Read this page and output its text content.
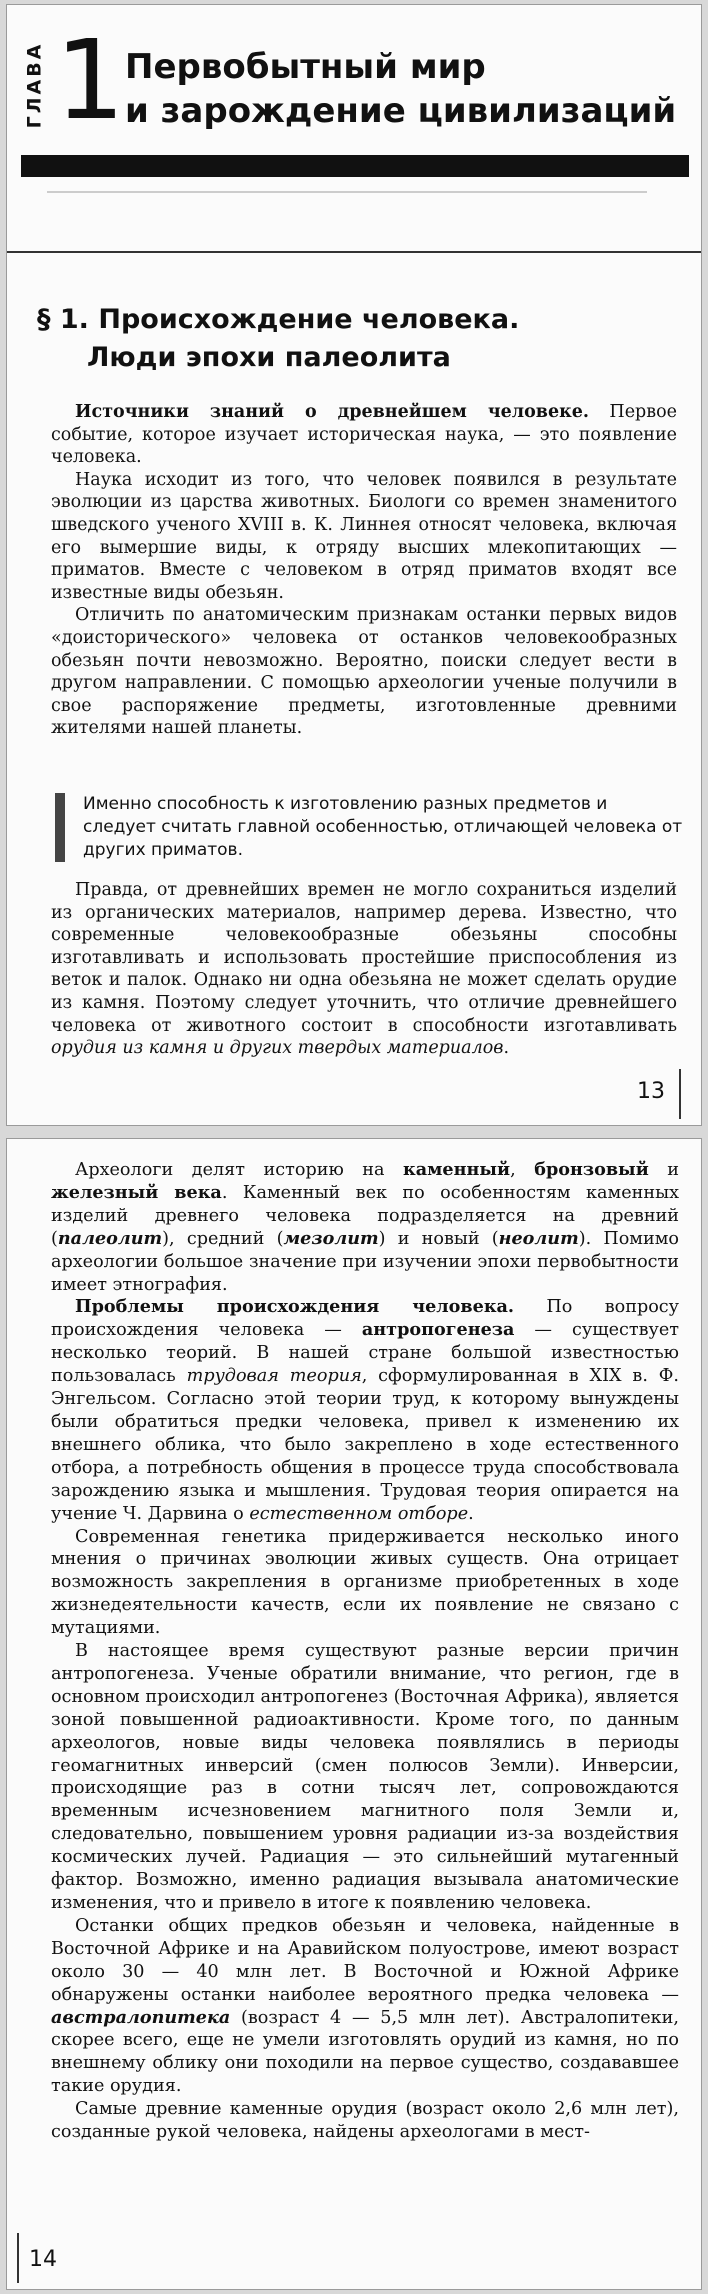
ГЛАВА 1 Первобытный мир
и зарождение цивилизаций
§ 1. Происхождение человека.
Люди эпохи палеолита

Источники знаний о древнейшем человеке. Первое событие, которое изучает историческая наука, — это появление человека.

Наука исходит из того, что человек появился в результате эволюции из царства животных. Биологи со времен знаменитого шведского ученого XVIII в. К. Линнея относят человека, включая его вымершие виды, к отряду высших млекопитающих — приматов. Вместе с человеком в отряд приматов входят все известные виды обезьян.

Отличить по анатомическим признакам останки первых видов «доисторического» человека от останков человекообразных обезьян почти невозможно. Вероятно, поиски следует вести в другом направлении. С помощью археологии ученые получили в свое распоряжение предметы, изготовленные древними жителями нашей планеты.

Именно способность к изготовлению разных предметов и следует считать главной особенностью, отличающей человека от других приматов.

Правда, от древнейших времен не могло сохраниться изделий из органических материалов, например дерева. Известно, что современные человекообразные обезьяны способны изготавливать и использовать простейшие приспособления из веток и палок. Однако ни одна обезьяна не может сделать орудие из камня. Поэтому следует уточнить, что отличие древнейшего человека от животного состоит в способности изготавливать орудия из камня и других твердых материалов.

13

Археологи делят историю на каменный, бронзовый и железный века. Каменный век по особенностям каменных изделий древнего человека подразделяется на древний (палеолит), средний (мезолит) и новый (неолит). Помимо археологии большое значение при изучении эпохи первобытности имеет этнография.

Проблемы происхождения человека. По вопросу происхождения человека — антропогенеза — существует несколько теорий. В нашей стране большой известностью пользовалась трудовая теория, сформулированная в XIX в. Ф. Энгельсом. Согласно этой теории труд, к которому вынуждены были обратиться предки человека, привел к изменению их внешнего облика, что было закреплено в ходе естественного отбора, а потребность общения в процессе труда способствовала зарождению языка и мышления. Трудовая теория опирается на учение Ч. Дарвина о естественном отборе.

Современная генетика придерживается несколько иного мнения о причинах эволюции живых существ. Она отрицает возможность закрепления в организме приобретенных в ходе жизнедеятельности качеств, если их появление не связано с мутациями.

В настоящее время существуют разные версии причин антропогенеза. Ученые обратили внимание, что регион, где в основном происходил антропогенез (Восточная Африка), является зоной повышенной радиоактивности. Кроме того, по данным археологов, новые виды человека появлялись в периоды геомагнитных инверсий (смен полюсов Земли). Инверсии, происходящие раз в сотни тысяч лет, сопровождаются временным исчезновением магнитного поля Земли и, следовательно, повышением уровня радиации из-за воздействия космических лучей. Радиация — это сильнейший мутагенный фактор. Возможно, именно радиация вызывала анатомические изменения, что и привело в итоге к появлению человека.

Останки общих предков обезьян и человека, найденные в Восточной Африке и на Аравийском полуострове, имеют возраст около 30 — 40 млн лет. В Восточной и Южной Африке обнаружены останки наиболее вероятного предка человека — австралопитека (возраст 4 — 5,5 млн лет). Австралопитеки, скорее всего, еще не умели изготовлять орудий из камня, но по внешнему облику они походили на первое существо, создававшее такие орудия.

Самые древние каменные орудия (возраст около 2,6 млн лет), созданные рукой человека, найдены археологами в мест-

14
